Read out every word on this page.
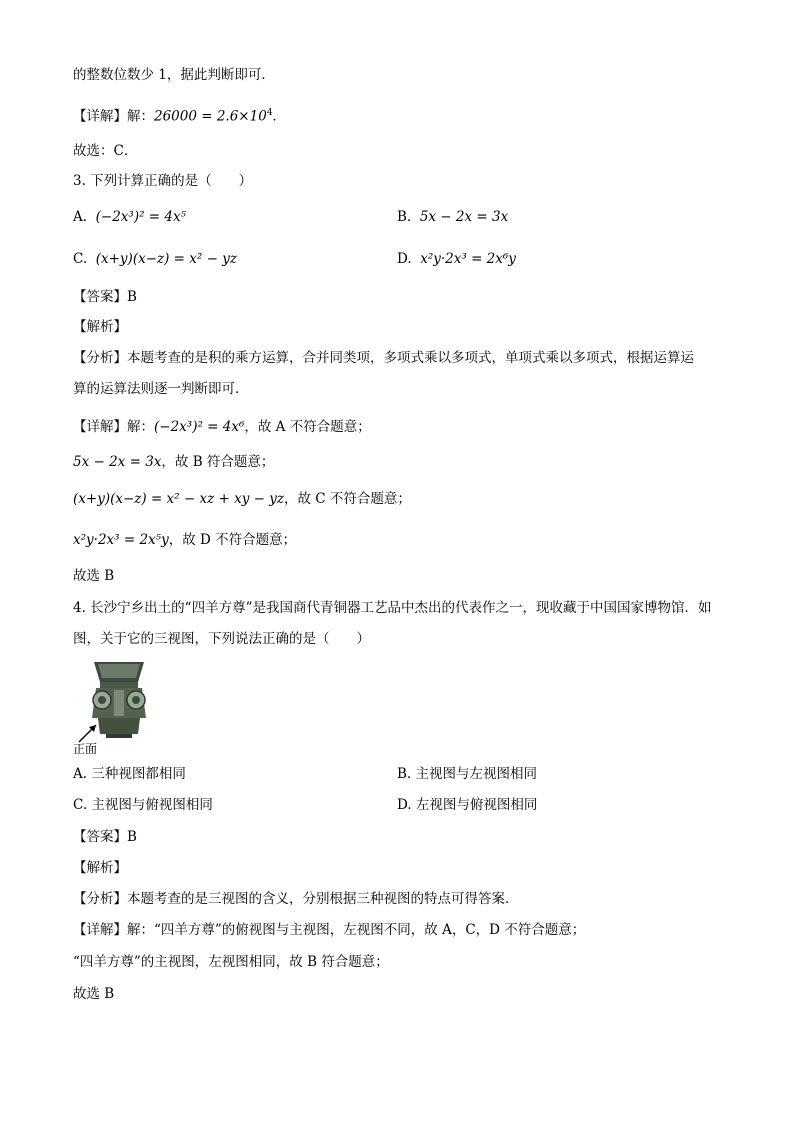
的整数位数少 1，据此判断即可．
【详解】解：$26000 = 2.6\times 10^4$．
故选：C．
3. 下列计算正确的是（　　）
A. (−2x³)² = 4x⁵	B. 5x − 2x = 3x
C. (x+y)(x−z) = x² − yz	D. x²y·2x³ = 2x⁶y
【答案】B
【解析】
【分析】本题考查的是积的乘方运算，合并同类项，多项式乘以多项式，单项式乘以多项式，根据运算运
算的运算法则逐一判断即可．
【详解】解：(−2x³)² = 4x⁶，故 A 不符合题意；
5x − 2x = 3x，故 B 符合题意；
(x+y)(x−z) = x² − xz + xy − yz，故 C 不符合题意；
x²y·2x³ = 2x⁵y，故 D 不符合题意；
故选 B
4. 长沙宁乡出土的“四羊方尊”是我国商代青铜器工艺品中杰出的代表作之一，现收藏于中国国家博物馆．如
图，关于它的三视图，下列说法正确的是（　　）
正面
A. 三种视图都相同	B. 主视图与左视图相同
C. 主视图与俯视图相同	D. 左视图与俯视图相同
【答案】B
【解析】
【分析】本题考查的是三视图的含义，分别根据三种视图的特点可得答案．
【详解】解：“四羊方尊”的俯视图与主视图，左视图不同，故 A，C，D 不符合题意；
“四羊方尊”的主视图，左视图相同，故 B 符合题意；
故选 B
